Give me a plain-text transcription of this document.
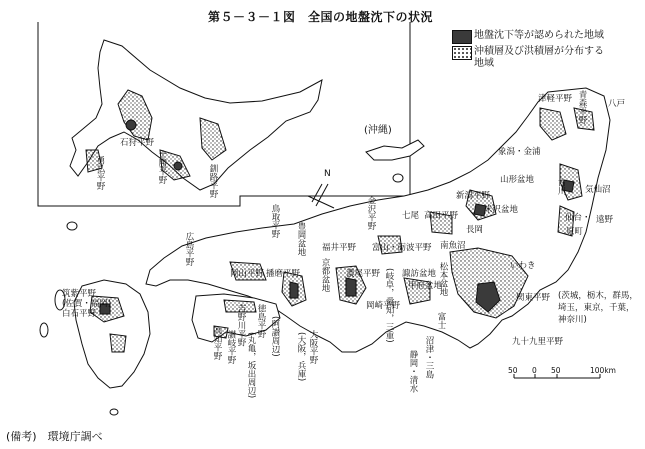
第５－３－１図　全国の地盤沈下の状況
地盤沈下等が認められた地域
沖積層及び洪積層が分布する
地域
(沖縄)
N
石狩平野
勇払平野	十勝平野	釧路平野
津軽平野 青森平野 八戸
象潟・金浦
山形盆地	古川 気仙沼
米沢盆地
仙台・ 遠野
原町
新潟平野
高田平野
長岡
南魚沼
いわき
金沢平野	七尾
富山・砺波平野
福井平野
鳥取平野
豊岡盆地
京都盆地
広島平野
岡山平野 播磨平野
大阪平野
(大阪，兵庫)
濃尾平野 (岐阜，愛知，三重) 諏訪盆地
甲府盆地
松本盆地
岡崎平野
静岡・清水 沼津・三島
富士
吉野川平野 徳島平野
讃岐平野 (丸亀，坂出周辺) (阿讃周辺)
高知平野
関東平野 (茨城，栃木，群馬，
埼玉，東京，千葉，
神奈川)
九十九里平野
筑紫平野
(佐賀・福岡)
白石平野
50 0 50	100km
(備考)　環境庁調べ
